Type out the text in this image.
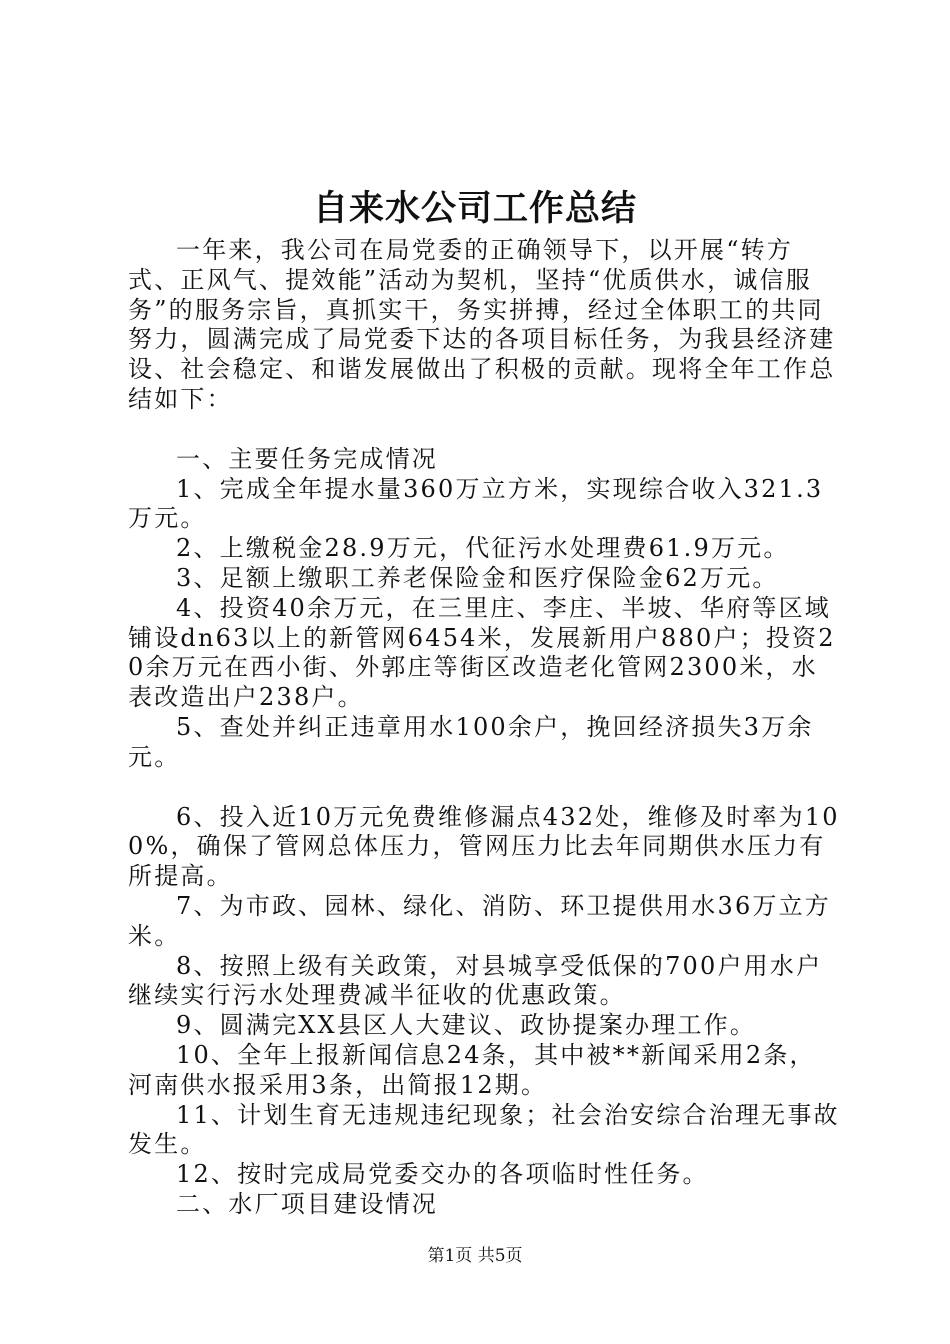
自来水公司工作总结

一年来，我公司在局党委的正确领导下，以开展“转方式、正风气、提效能”活动为契机，坚持“优质供水，诚信服务”的服务宗旨，真抓实干，务实拼搏，经过全体职工的共同努力，圆满完成了局党委下达的各项目标任务，为我县经济建设、社会稳定、和谐发展做出了积极的贡献。现将全年工作总结如下：

一、主要任务完成情况

1、完成全年提水量360万立方米，实现综合收入321.3万元。

2、上缴税金28.9万元，代征污水处理费61.9万元。

3、足额上缴职工养老保险金和医疗保险金62万元。

4、投资40余万元，在三里庄、李庄、半坡、华府等区域铺设dn63以上的新管网6454米，发展新用户880户；投资20余万元在西小街、外郭庄等街区改造老化管网2300米，水表改造出户238户。

5、查处并纠正违章用水100余户，挽回经济损失3万余元。

6、投入近10万元免费维修漏点432处，维修及时率为100%，确保了管网总体压力，管网压力比去年同期供水压力有所提高。

7、为市政、园林、绿化、消防、环卫提供用水36万立方米。

8、按照上级有关政策，对县城享受低保的700户用水户继续实行污水处理费减半征收的优惠政策。

9、圆满完XX县区人大建议、政协提案办理工作。

10、全年上报新闻信息24条，其中被**新闻采用2条，河南供水报采用3条，出简报12期。

11、计划生育无违规违纪现象；社会治安综合治理无事故发生。

12、按时完成局党委交办的各项临时性任务。

二、水厂项目建设情况

第1页 共5页
